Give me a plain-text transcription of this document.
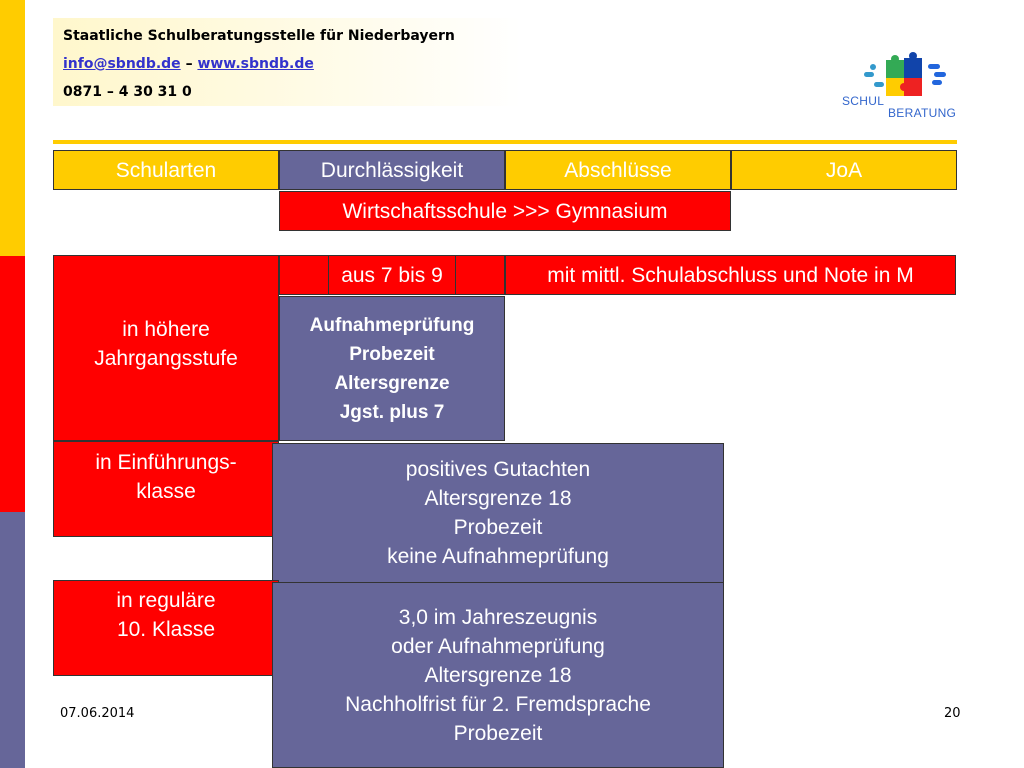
Staatliche Schulberatungsstelle für Niederbayern
info@sbndb.de – www.sbndb.de
0871 – 4 30 31 0
SCHUL
BERATUNG
Schularten	Durchlässigkeit	Abschlüsse	JoA
Wirtschaftsschule >>> Gymnasium
in höhere
Jahrgangsstufe
aus 7 bis 9	mit mittl. Schulabschluss und Note in M
Aufnahmeprüfung
Probezeit
Altersgrenze
Jgst. plus 7
in Einführungs-
klasse
positives Gutachten
Altersgrenze 18
Probezeit
keine Aufnahmeprüfung
in reguläre
10. Klasse
3,0 im Jahreszeugnis
oder Aufnahmeprüfung
Altersgrenze 18
Nachholfrist für 2. Fremdsprache
Probezeit
07.06.2014	20
